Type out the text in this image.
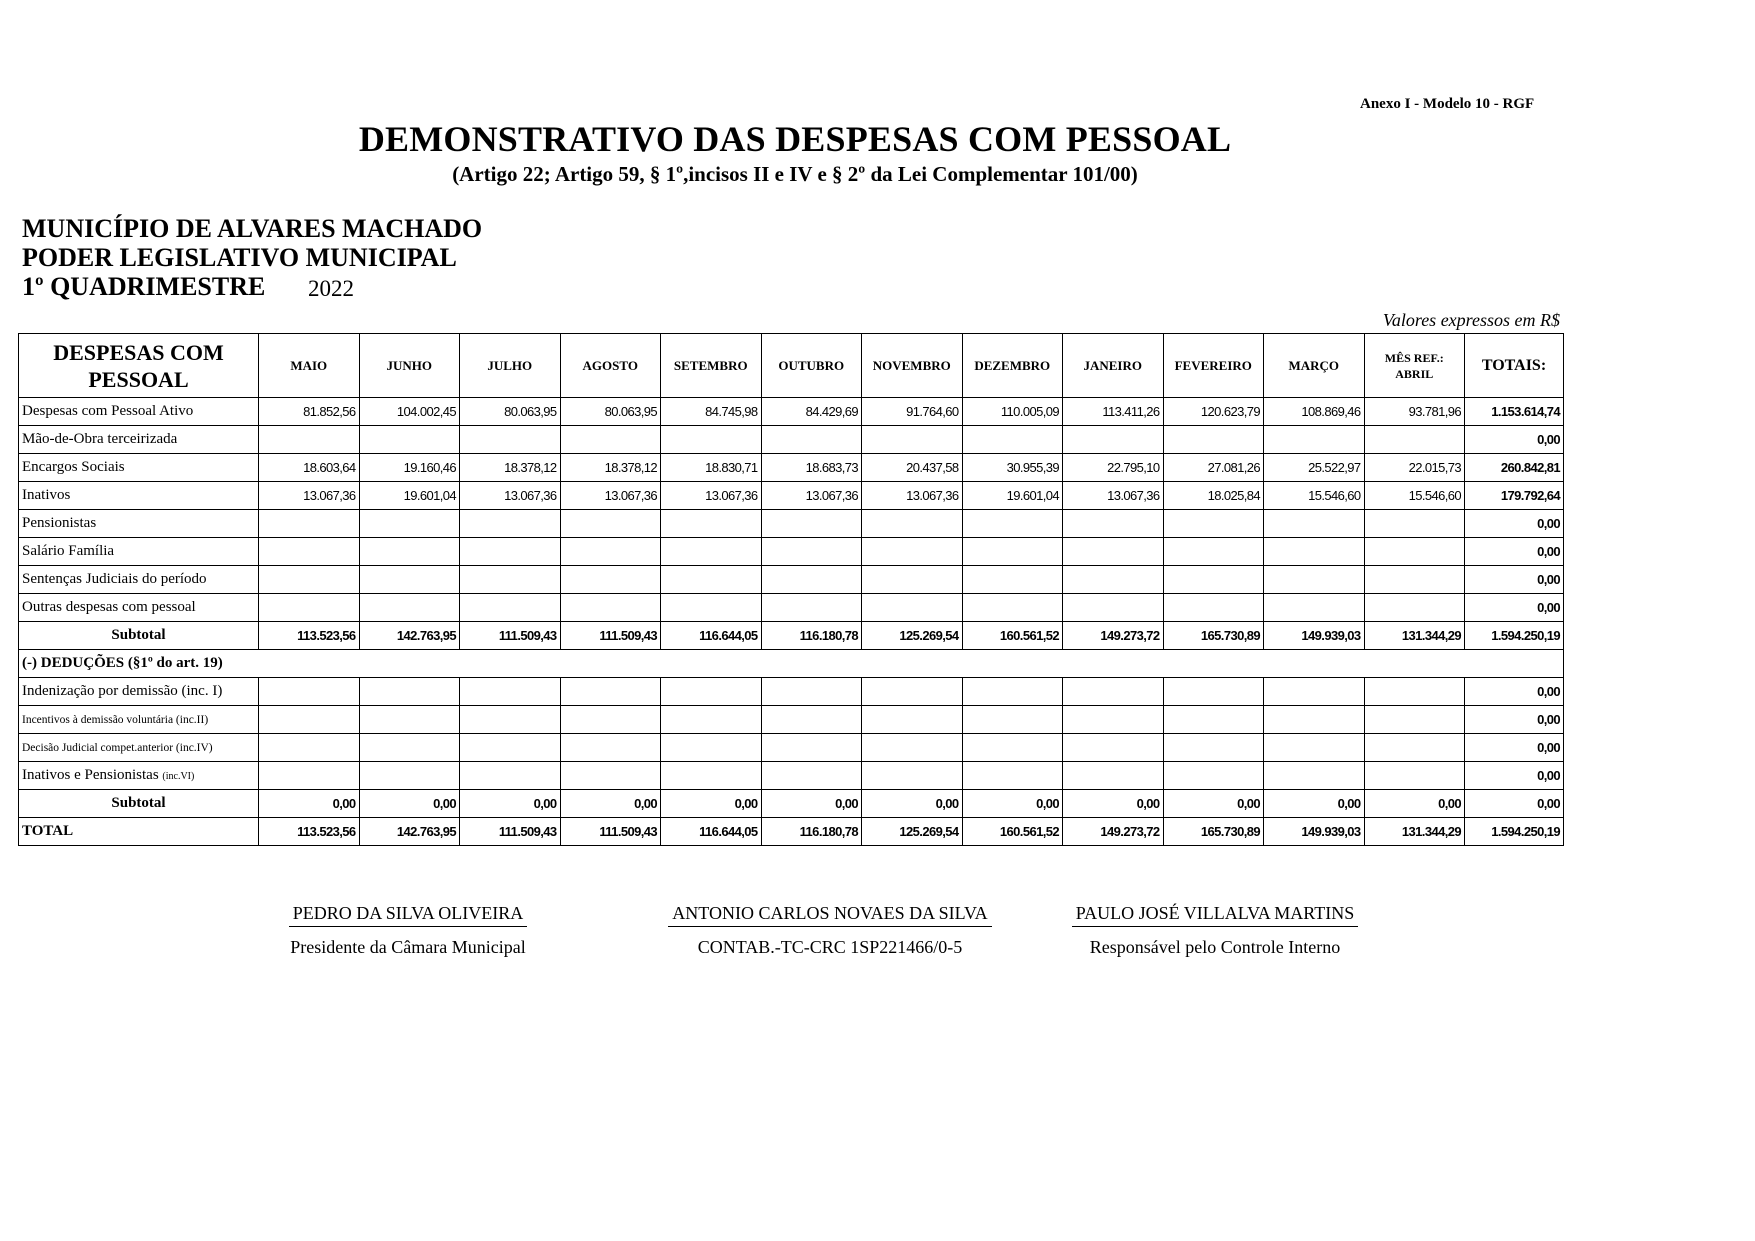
Anexo I - Modelo 10 - RGF
DEMONSTRATIVO DAS DESPESAS COM PESSOAL
(Artigo 22; Artigo 59, § 1º,incisos II e IV e § 2º da Lei Complementar 101/00)
MUNICÍPIO DE ALVARES MACHADO
PODER LEGISLATIVO MUNICIPAL
1º QUADRIMESTRE 2022
Valores expressos em R$
DESPESAS COM PESSOAL	MAIO	JUNHO	JULHO	AGOSTO	SETEMBRO	OUTUBRO	NOVEMBRO	DEZEMBRO	JANEIRO	FEVEREIRO	MARÇO	MÊS REF.: ABRIL	TOTAIS:
Despesas com Pessoal Ativo	81.852,56	104.002,45	80.063,95	80.063,95	84.745,98	84.429,69	91.764,60	110.005,09	113.411,26	120.623,79	108.869,46	93.781,96	1.153.614,74
Mão-de-Obra terceirizada													0,00
Encargos Sociais	18.603,64	19.160,46	18.378,12	18.378,12	18.830,71	18.683,73	20.437,58	30.955,39	22.795,10	27.081,26	25.522,97	22.015,73	260.842,81
Inativos	13.067,36	19.601,04	13.067,36	13.067,36	13.067,36	13.067,36	13.067,36	19.601,04	13.067,36	18.025,84	15.546,60	15.546,60	179.792,64
Pensionistas													0,00
Salário Família													0,00
Sentenças Judiciais do período													0,00
Outras despesas com pessoal													0,00
Subtotal	113.523,56	142.763,95	111.509,43	111.509,43	116.644,05	116.180,78	125.269,54	160.561,52	149.273,72	165.730,89	149.939,03	131.344,29	1.594.250,19
(-) DEDUÇÕES (§1º do art. 19)													
Indenização por demissão (inc. I)													0,00
Incentivos à demissão voluntária (inc.II)													0,00
Decisão Judicial compet.anterior (inc.IV)													0,00
Inativos e Pensionistas (inc.VI)													0,00
Subtotal	0,00	0,00	0,00	0,00	0,00	0,00	0,00	0,00	0,00	0,00	0,00	0,00	0,00
TOTAL	113.523,56	142.763,95	111.509,43	111.509,43	116.644,05	116.180,78	125.269,54	160.561,52	149.273,72	165.730,89	149.939,03	131.344,29	1.594.250,19
PEDRO DA SILVA OLIVEIRA
Presidente da Câmara Municipal
ANTONIO CARLOS NOVAES DA SILVA
CONTAB.-TC-CRC 1SP221466/0-5
PAULO JOSÉ VILLALVA MARTINS
Responsável pelo Controle Interno
